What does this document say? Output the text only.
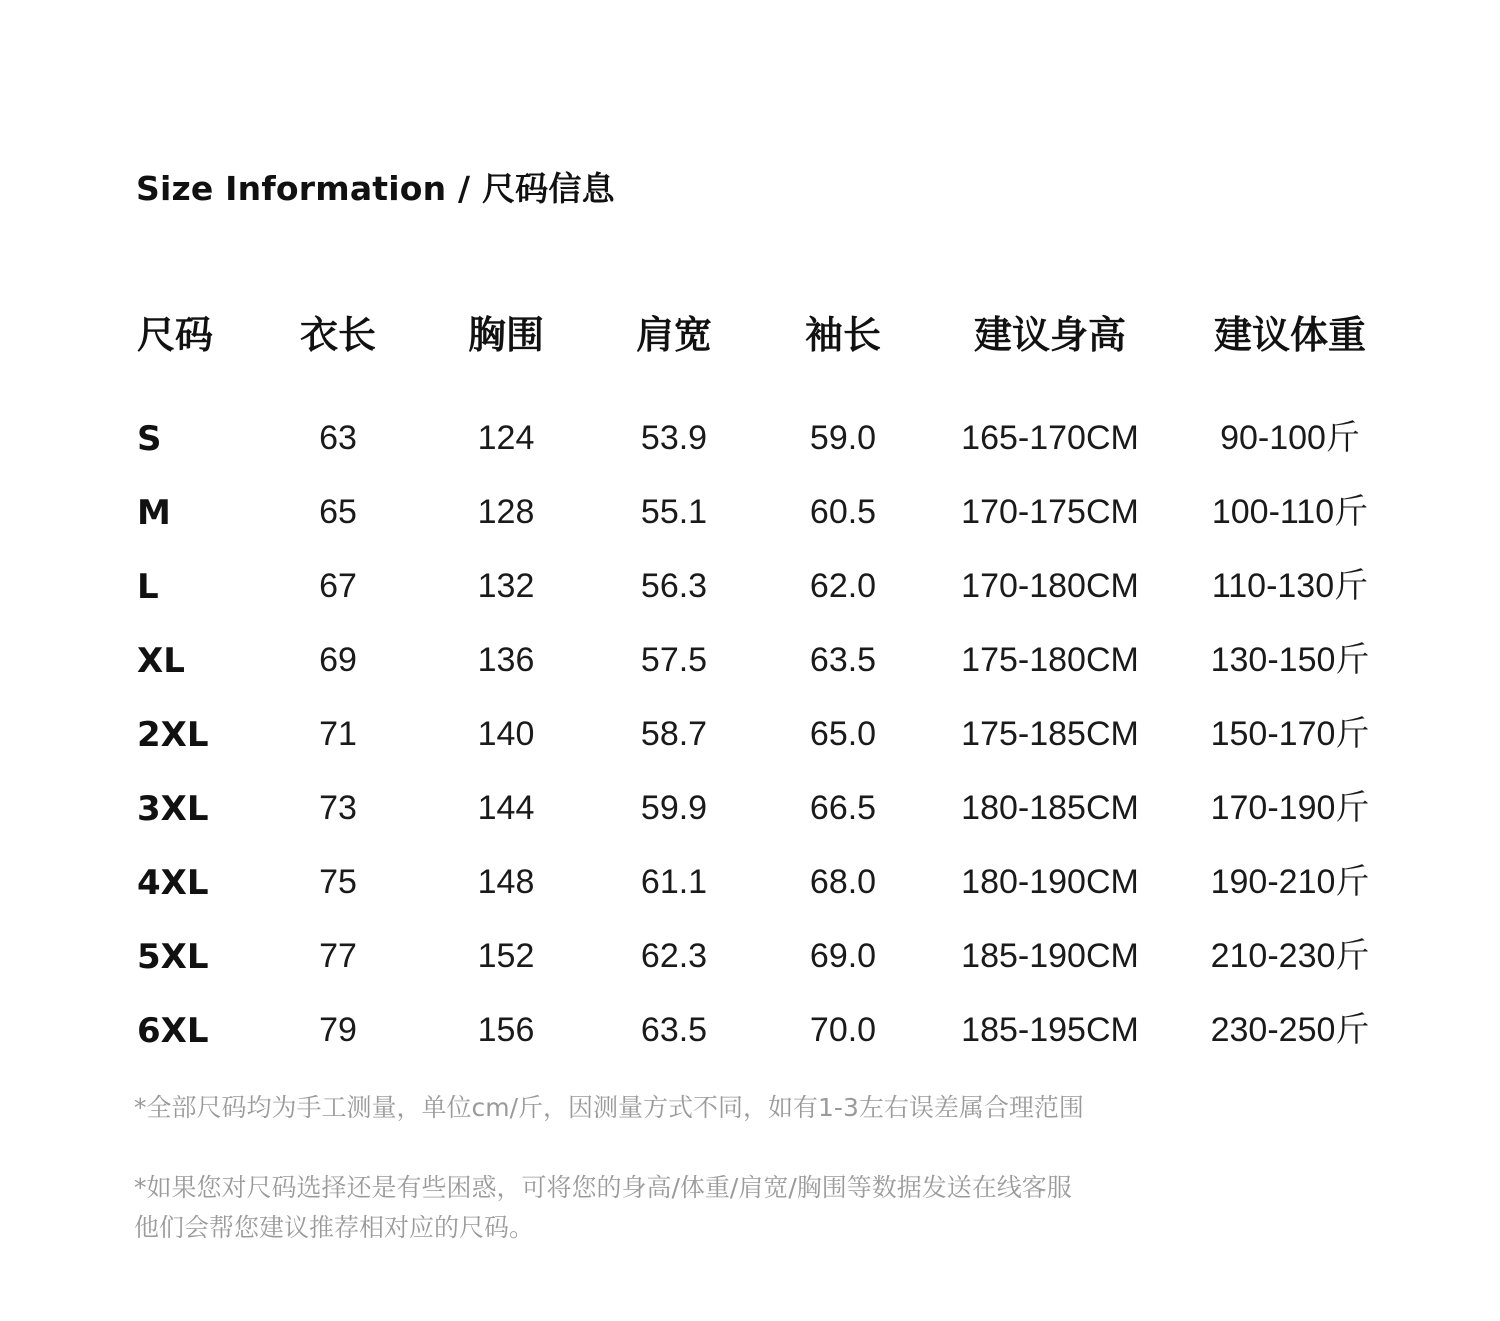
Size Information / 尺码信息
尺码 衣长 胸围 肩宽 袖长 建议身高 建议体重
S	63	124	53.9	59.0	165-170CM 90-100斤
M	65	128	55.1	60.5	170-175CM 100-110斤
L	67	132	56.3	62.0	170-180CM 110-130斤
XL	69	136	57.5	63.5	175-180CM 130-150斤
2XL	71	140	58.7	65.0	175-185CM 150-170斤
3XL	73	144	59.9	66.5	180-185CM 170-190斤
4XL	75	148	61.1	68.0	180-190CM 190-210斤
5XL	77	152	62.3	69.0	185-190CM 210-230斤
6XL	79	156	63.5	70.0	185-195CM 230-250斤

*全部尺码均为手工测量，单位cm/斤，因测量方式不同，如有1-3左右误差属合理范围

*如果您对尺码选择还是有些困惑，可将您的身高/体重/肩宽/胸围等数据发送在线客服
他们会帮您建议推荐相对应的尺码。
